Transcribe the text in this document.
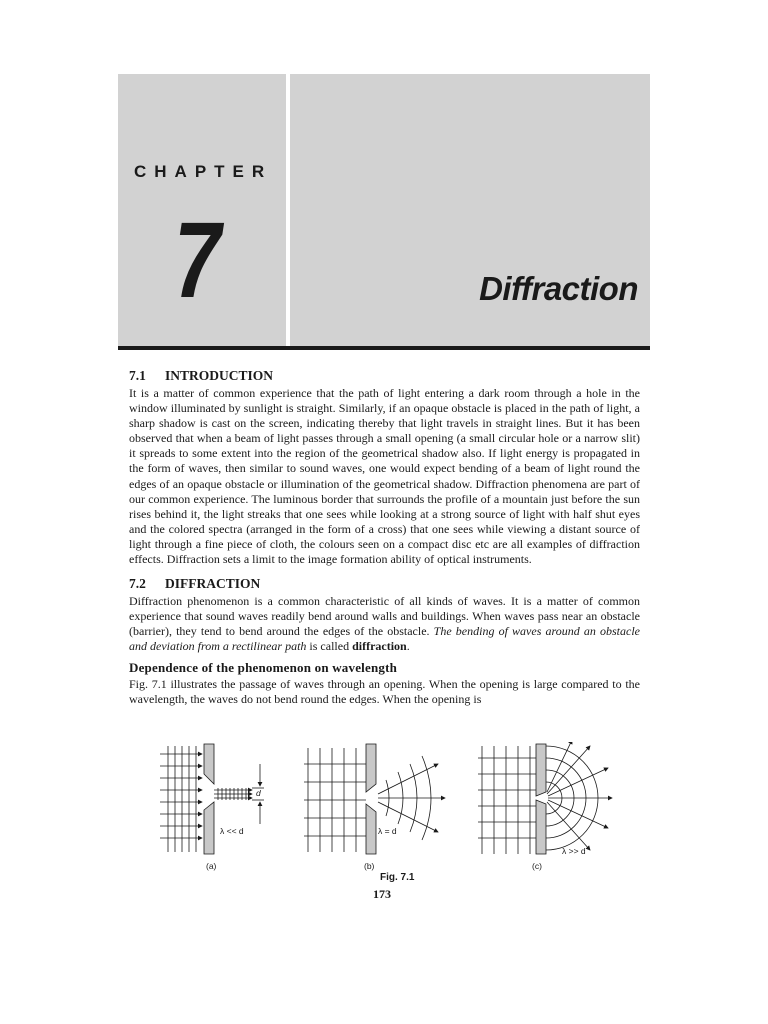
CHAPTER
7	Diffraction
7.1 INTRODUCTION

It is a matter of common experience that the path of light entering a dark room through a hole in the window illuminated by sunlight is straight. Similarly, if an opaque obstacle is placed in the path of light, a sharp shadow is cast on the screen, indicating thereby that light travels in straight lines. But it has been observed that when a beam of light passes through a small opening (a small circular hole or a narrow slit) it spreads to some extent into the region of the geometrical shadow also. If light energy is propagated in the form of waves, then similar to sound waves, one would expect bending of a beam of light round the edges of an opaque obstacle or illumination of the geometrical shadow. Diffraction phenomena are part of our common experience. The luminous border that surrounds the profile of a mountain just before the sun rises behind it, the light streaks that one sees while looking at a strong source of light with half shut eyes and the colored spectra (arranged in the form of a cross) that one sees while viewing a distant source of light through a fine piece of cloth, the colours seen on a compact disc etc are all examples of diffraction effects. Diffraction sets a limit to the image formation ability of optical instruments.

7.2 DIFFRACTION

Diffraction phenomenon is a common characteristic of all kinds of waves. It is a matter of common experience that sound waves readily bend around walls and buildings. When waves pass near an obstacle (barrier), they tend to bend around the edges of the obstacle. The bending of waves around an obstacle and deviation from a rectilinear path is called diffraction.

Dependence of the phenomenon on wavelength

Fig. 7.1 illustrates the passage of waves through an opening. When the opening is large compared to the wavelength, the waves do not bend round the edges. When the opening is

d
λ << d	λ = d
λ >> d
(a)	(b)	(c)
Fig. 7.1
173
